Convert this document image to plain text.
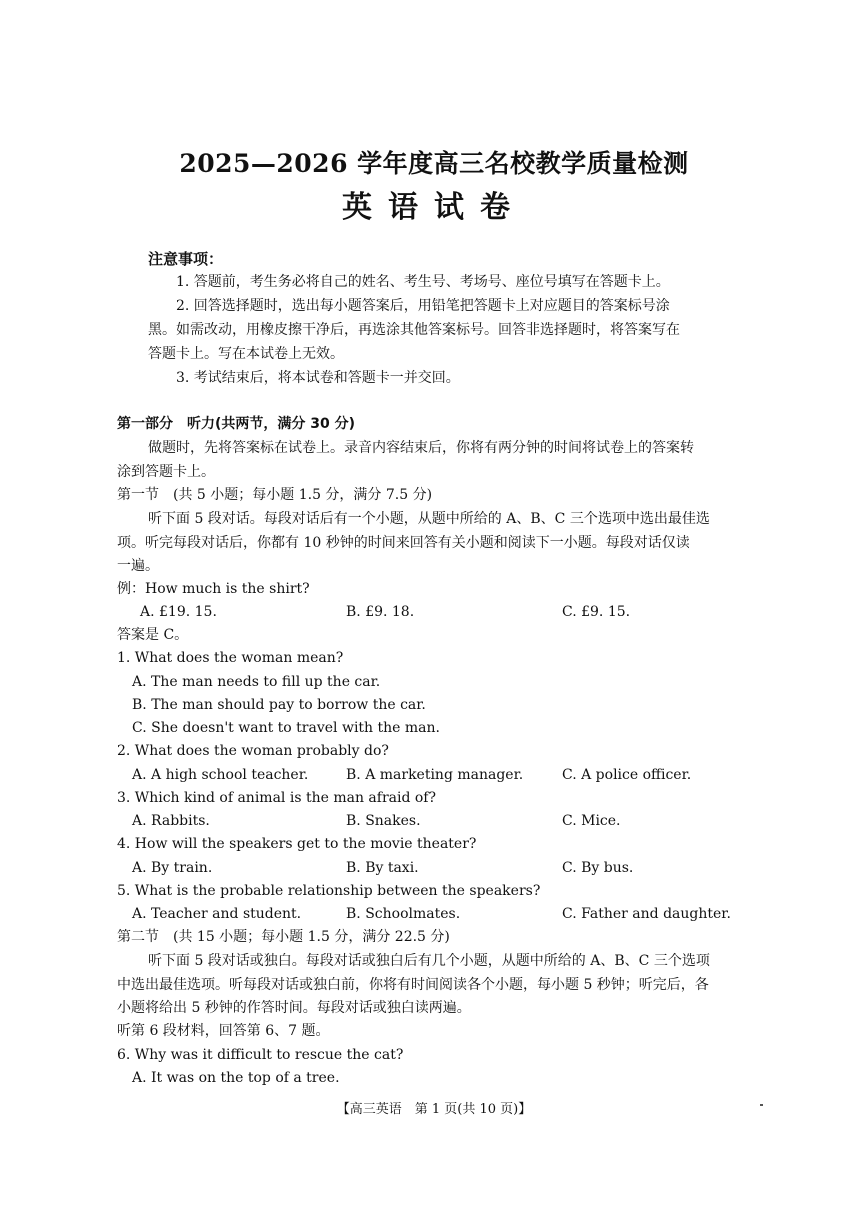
2025—2026 学年度高三名校教学质量检测
英语试卷
注意事项：
1. 答题前，考生务必将自己的姓名、考生号、考场号、座位号填写在答题卡上。
2. 回答选择题时，选出每小题答案后，用铅笔把答题卡上对应题目的答案标号涂
黑。如需改动，用橡皮擦干净后，再选涂其他答案标号。回答非选择题时，将答案写在
答题卡上。写在本试卷上无效。
3. 考试结束后，将本试卷和答题卡一并交回。
第一部分　听力(共两节，满分 30 分)
做题时，先将答案标在试卷上。录音内容结束后，你将有两分钟的时间将试卷上的答案转
涂到答题卡上。
第一节　(共 5 小题；每小题 1.5 分，满分 7.5 分)
听下面 5 段对话。每段对话后有一个小题，从题中所给的 A、B、C 三个选项中选出最佳选
项。听完每段对话后，你都有 10 秒钟的时间来回答有关小题和阅读下一小题。每段对话仅读
一遍。
例：How much is the shirt?
A. £19. 15.	B. £9. 18.	C. £9. 15.
答案是 C。
1. What does the woman mean?
A. The man needs to fill up the car.
B. The man should pay to borrow the car.
C. She doesn't want to travel with the man.
2. What does the woman probably do?
A. A high school teacher.	B. A marketing manager.	C. A police officer.
3. Which kind of animal is the man afraid of?
A. Rabbits.	B. Snakes.	C. Mice.
4. How will the speakers get to the movie theater?
A. By train.	B. By taxi.	C. By bus.
5. What is the probable relationship between the speakers?
A. Teacher and student.	B. Schoolmates.	C. Father and daughter.
第二节　(共 15 小题；每小题 1.5 分，满分 22.5 分)
听下面 5 段对话或独白。每段对话或独白后有几个小题，从题中所给的 A、B、C 三个选项
中选出最佳选项。听每段对话或独白前，你将有时间阅读各个小题，每小题 5 秒钟；听完后，各
小题将给出 5 秒钟的作答时间。每段对话或独白读两遍。
听第 6 段材料，回答第 6、7 题。
6. Why was it difficult to rescue the cat?
A. It was on the top of a tree.
【高三英语　第 1 页(共 10 页)】
